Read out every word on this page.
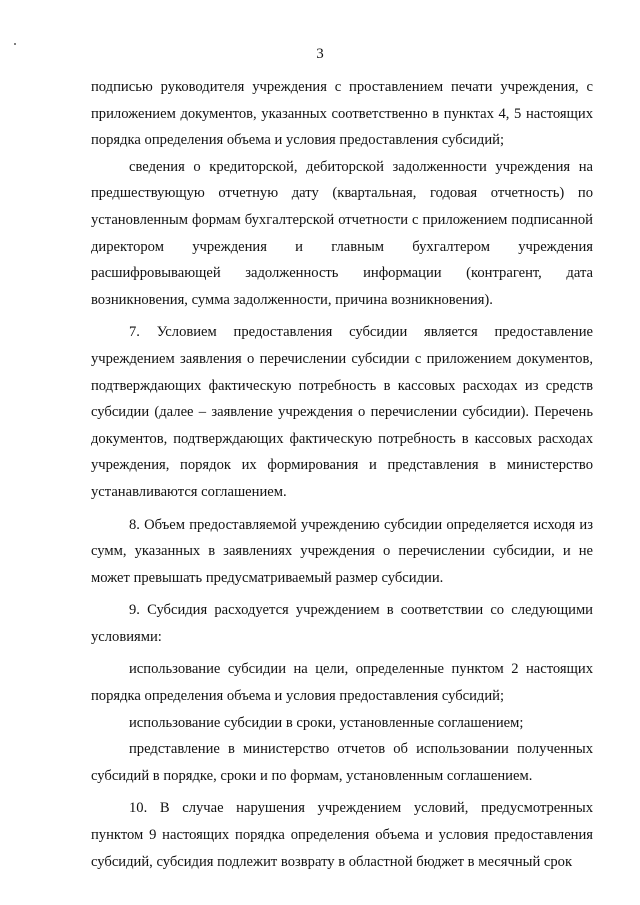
3

подписью руководителя учреждения с проставлением печати учреждения, с приложением документов, указанных соответственно в пунктах 4, 5 настоящих порядка определения объема и условия предоставления субсидий;

сведения о кредиторской, дебиторской задолженности учреждения на предшествующую отчетную дату (квартальная, годовая отчетность) по установленным формам бухгалтерской отчетности с приложением подписанной директором учреждения и главным бухгалтером учреждения расшифровывающей задолженность информации (контрагент, дата возникновения, сумма задолженности, причина возникновения).

7. Условием предоставления субсидии является предоставление учреждением заявления о перечислении субсидии с приложением документов, подтверждающих фактическую потребность в кассовых расходах из средств субсидии (далее – заявление учреждения о перечислении субсидии). Перечень документов, подтверждающих фактическую потребность в кассовых расходах учреждения, порядок их формирования и представления в министерство устанавливаются соглашением.

8. Объем предоставляемой учреждению субсидии определяется исходя из сумм, указанных в заявлениях учреждения о перечислении субсидии, и не может превышать предусматриваемый размер субсидии.

9. Субсидия расходуется учреждением в соответствии со следующими условиями:

использование субсидии на цели, определенные пунктом 2 настоящих порядка определения объема и условия предоставления субсидий;

использование субсидии в сроки, установленные соглашением;

представление в министерство отчетов об использовании полученных субсидий в порядке, сроки и по формам, установленным соглашением.

10. В случае нарушения учреждением условий, предусмотренных пунктом 9 настоящих порядка определения объема и условия предоставления субсидий, субсидия подлежит возврату в областной бюджет в месячный срок
